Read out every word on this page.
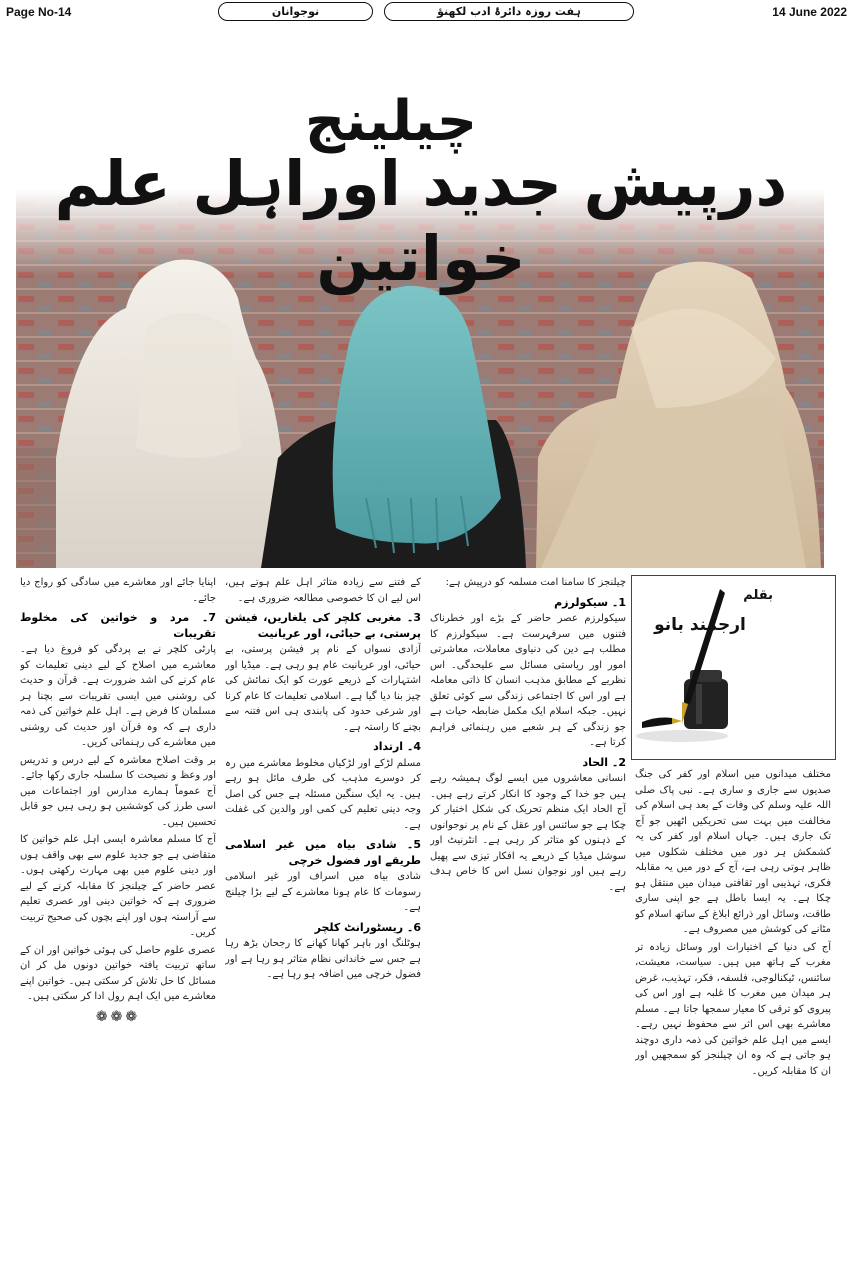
Page No-14	14 June 2022
نوجوانان	ہفت روزہ دائرۂ ادب لکھنؤ
چیلینج
درپیش جدید اوراہل علم خواتین
بقلم
ارجمند بانو
مختلف میدانوں میں اسلام اور کفر کی جنگ صدیوں سے جاری و ساری ہے۔ نبی پاک صلی اللہ علیہ وسلم کی وفات کے بعد ہی اسلام کی مخالفت میں بہت سی تحریکیں اٹھیں جو آج تک جاری ہیں۔ جہاں اسلام اور کفر کی یہ کشمکش ہر دور میں مختلف شکلوں میں ظاہر ہوتی رہی ہے، آج کے دور میں یہ مقابلہ فکری، تہذیبی اور ثقافتی میدان میں منتقل ہو چکا ہے۔ یہ ایسا باطل ہے جو اپنی ساری طاقت، وسائل اور ذرائع ابلاغ کے ساتھ اسلام کو مٹانے کی کوشش میں مصروف ہے۔
آج کی دنیا کے اختیارات اور وسائل زیادہ تر مغرب کے ہاتھ میں ہیں۔ سیاست، معیشت، سائنس، ٹیکنالوجی، فلسفہ، فکر، تہذیب، غرض ہر میدان میں مغرب کا غلبہ ہے اور اس کی پیروی کو ترقی کا معیار سمجھا جاتا ہے۔ مسلم معاشرے بھی اس اثر سے محفوظ نہیں رہے۔ ایسے میں اہل علم خواتین کی ذمہ داری دوچند ہو جاتی ہے کہ وہ ان چیلنجز کو سمجھیں اور ان کا مقابلہ کریں۔
چیلنجز کا سامنا امت مسلمہ کو درپیش ہے:
1۔ سیکولرزم
سیکولرزم عصر حاضر کے بڑے اور خطرناک فتنوں میں سرفہرست ہے۔ سیکولرزم کا مطلب ہے دین کی دنیاوی معاملات، معاشرتی امور اور ریاستی مسائل سے علیحدگی۔ اس نظریے کے مطابق مذہب انسان کا ذاتی معاملہ ہے اور اس کا اجتماعی زندگی سے کوئی تعلق نہیں۔ جبکہ اسلام ایک مکمل ضابطہ حیات ہے جو زندگی کے ہر شعبے میں رہنمائی فراہم کرتا ہے۔
2۔ الحاد
انسانی معاشروں میں ایسے لوگ ہمیشہ رہے ہیں جو خدا کے وجود کا انکار کرتے رہے ہیں۔ آج الحاد ایک منظم تحریک کی شکل اختیار کر چکا ہے جو سائنس اور عقل کے نام پر نوجوانوں کے ذہنوں کو متاثر کر رہی ہے۔ انٹرنیٹ اور سوشل میڈیا کے ذریعے یہ افکار تیزی سے پھیل رہے ہیں اور نوجوان نسل اس کا خاص ہدف ہے۔
کے فتنے سے زیادہ متاثر اہل علم ہوتے ہیں، اس لیے ان کا خصوصی مطالعہ ضروری ہے۔
3۔ مغربی کلچر کی یلغاریں، فیشن پرستی، بے حیائی، اور عریانیت
آزادی نسواں کے نام پر فیشن پرستی، بے حیائی، اور عریانیت عام ہو رہی ہے۔ میڈیا اور اشتہارات کے ذریعے عورت کو ایک نمائش کی چیز بنا دیا گیا ہے۔ اسلامی تعلیمات کا عام کرنا اور شرعی حدود کی پابندی ہی اس فتنہ سے بچنے کا راستہ ہے۔
4۔ ارتداد
مسلم لڑکے اور لڑکیاں مخلوط معاشرے میں رہ کر دوسرے مذہب کی طرف مائل ہو رہے ہیں۔ یہ ایک سنگین مسئلہ ہے جس کی اصل وجہ دینی تعلیم کی کمی اور والدین کی غفلت ہے۔
5۔ شادی بیاہ میں غیر اسلامی طریقے اور فضول خرچی
شادی بیاہ میں اسراف اور غیر اسلامی رسومات کا عام ہونا معاشرے کے لیے بڑا چیلنج ہے۔
6۔ ریسٹورانٹ کلچر
ہوٹلنگ اور باہر کھانا کھانے کا رجحان بڑھ رہا ہے جس سے خاندانی نظام متاثر ہو رہا ہے اور فضول خرچی میں اضافہ ہو رہا ہے۔
اپنایا جائے اور معاشرے میں سادگی کو رواج دیا جائے۔
7۔ مرد و خواتین کی مخلوط تقریبات
پارٹی کلچر نے بے پردگی کو فروغ دیا ہے۔ معاشرے میں اصلاح کے لیے دینی تعلیمات کو عام کرنے کی اشد ضرورت ہے۔ قرآن و حدیث کی روشنی میں ایسی تقریبات سے بچنا ہر مسلمان کا فرض ہے۔ اہل علم خواتین کی ذمہ داری ہے کہ وہ قرآن اور حدیث کی روشنی میں معاشرے کی رہنمائی کریں۔
بر وقت اصلاح معاشرہ کے لیے درس و تدریس اور وعظ و نصیحت کا سلسلہ جاری رکھا جائے۔ آج عموماً ہمارے مدارس اور اجتماعات میں اسی طرز کی کوششیں ہو رہی ہیں جو قابل تحسین ہیں۔
آج کا مسلم معاشرہ ایسی اہل علم خواتین کا متقاضی ہے جو جدید علوم سے بھی واقف ہوں اور دینی علوم میں بھی مہارت رکھتی ہوں۔ عصر حاضر کے چیلنجز کا مقابلہ کرنے کے لیے ضروری ہے کہ خواتین دینی اور عصری تعلیم سے آراستہ ہوں اور اپنے بچوں کی صحیح تربیت کریں۔
عصری علوم حاصل کی ہوئی خواتین اور ان کے ساتھ تربیت یافتہ خواتین دونوں مل کر ان مسائل کا حل تلاش کر سکتی ہیں۔ خواتین اپنے معاشرے میں ایک اہم رول ادا کر سکتی ہیں۔
❁❁❁
